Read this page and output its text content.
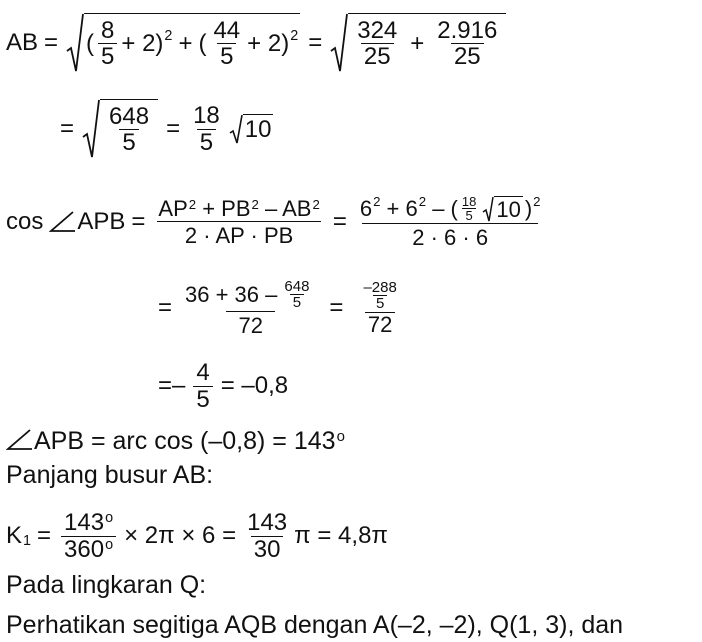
AB = ( $\frac{8}{5} + 2$) 2 + ( $\frac{44}{5} + 2$) $2 = \frac{324}{25} + \frac{2.916}{25}$
= $\frac{648}{5} = \frac{18}{5} 10$
cos APB = $\frac{AP^2 + PB^2 - AB^2}{2 \cdot AP \cdot PB} = \frac{6 2 + 6 2 - ( \frac{18}{5} 10 ) 2}{2 \cdot 6 \cdot 6}$
= $\frac{36 + 36 - \frac{648}{5}}{72} = \frac{\frac{-288}{5}}{72}$
=– $\frac{4}{5} = -0,8$
APB = arc $\cos (-0,8) = 143^o$
Panjang busur AB:
K $1 = \frac{143^o}{360^o} \times 2\pi \times 6 = \frac{143}{30}$ π = 4,8π
Pada lingkaran Q:
Perhatikan segitiga AQB dengan A(–2, –2), Q(1, 3), dan
